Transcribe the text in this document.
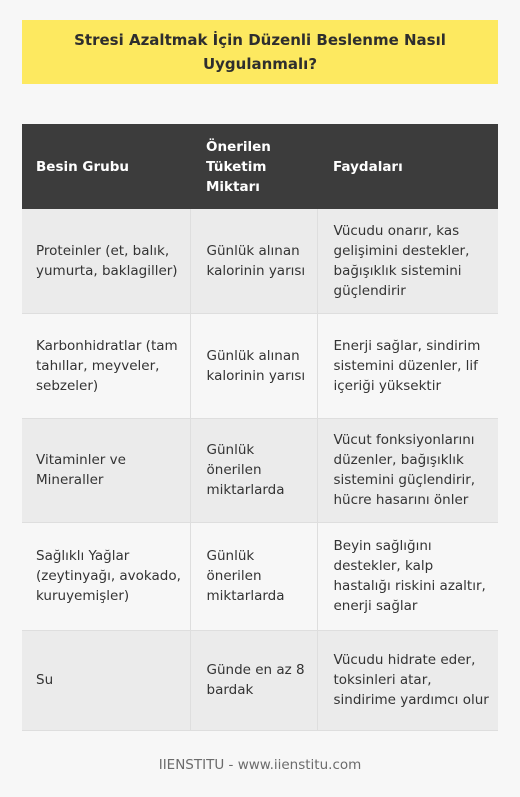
Stresi Azaltmak İçin Düzenli Beslenme Nasıl Uygulanmalı?
Besin Grubu	Önerilen Tüketim Miktarı	Faydaları
Proteinler (et, balık, yumurta, baklagiller)	Günlük alınan kalorinin yarısı	Vücudu onarır, kas gelişimini destekler, bağışıklık sistemini güçlendirir
Karbonhidratlar (tam tahıllar, meyveler, sebzeler)	Günlük alınan kalorinin yarısı	Enerji sağlar, sindirim sistemini düzenler, lif içeriği yüksektir
Vitaminler ve Mineraller	Günlük önerilen miktarlarda	Vücut fonksiyonlarını düzenler, bağışıklık sistemini güçlendirir, hücre hasarını önler
Sağlıklı Yağlar (zeytinyağı, avokado, kuruyemişler)	Günlük önerilen miktarlarda	Beyin sağlığını destekler, kalp hastalığı riskini azaltır, enerji sağlar
Su	Günde en az 8 bardak	Vücudu hidrate eder, toksinleri atar, sindirime yardımcı olur
IIENSTITU - www.iienstitu.com
